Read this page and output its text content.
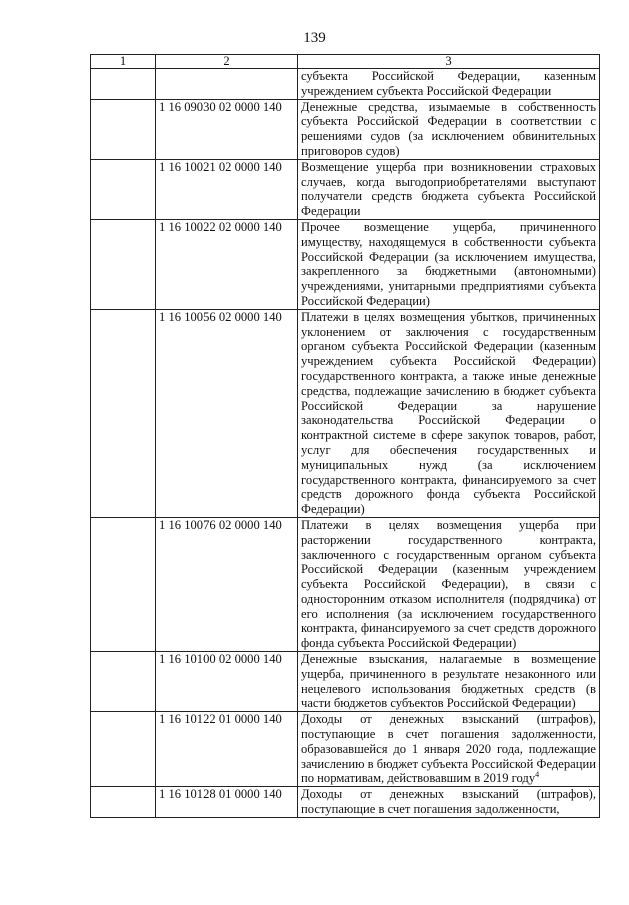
139
1	2	3
		субъекта Российской Федерации, казенным учреждением субъекта Российской Федерации
	1 16 09030 02 0000 140	Денежные средства, изымаемые в собственность субъекта Российской Федерации в соответствии с решениями судов (за исключением обвинительных приговоров судов)
	1 16 10021 02 0000 140	Возмещение ущерба при возникновении страховых случаев, когда выгодоприобретателями выступают получатели средств бюджета субъекта Российской Федерации
	1 16 10022 02 0000 140	Прочее возмещение ущерба, причиненного имуществу, находящемуся в собственности субъекта Российской Федерации (за исключением имущества, закрепленного за бюджетными (автономными) учреждениями, унитарными предприятиями субъекта Российской Федерации)
	1 16 10056 02 0000 140	Платежи в целях возмещения убытков, причиненных уклонением от заключения с государственным органом субъекта Российской Федерации (казенным учреждением субъекта Российской Федерации) государственного контракта, а также иные денежные средства, подлежащие зачислению в бюджет субъекта Российской Федерации за нарушение законодательства Российской Федерации о контрактной системе в сфере закупок товаров, работ, услуг для обеспечения государственных и муниципальных нужд (за исключением государственного контракта, финансируемого за счет средств дорожного фонда субъекта Российской Федерации)
	1 16 10076 02 0000 140	Платежи в целях возмещения ущерба при расторжении государственного контракта, заключенного с государственным органом субъекта Российской Федерации (казенным учреждением субъекта Российской Федерации), в связи с односторонним отказом исполнителя (подрядчика) от его исполнения (за исключением государственного контракта, финансируемого за счет средств дорожного фонда субъекта Российской Федерации)
	1 16 10100 02 0000 140	Денежные взыскания, налагаемые в возмещение ущерба, причиненного в результате незаконного или нецелевого использования бюджетных средств (в части бюджетов субъектов Российской Федерации)
	1 16 10122 01 0000 140	Доходы от денежных взысканий (штрафов), поступающие в счет погашения задолженности, образовавшейся до 1 января 2020 года, подлежащие зачислению в бюджет субъекта Российской Федерации по нормативам, действовавшим в 2019 году$^4$
	1 16 10128 01 0000 140	Доходы от денежных взысканий (штрафов), поступающие в счет погашения задолженности,
